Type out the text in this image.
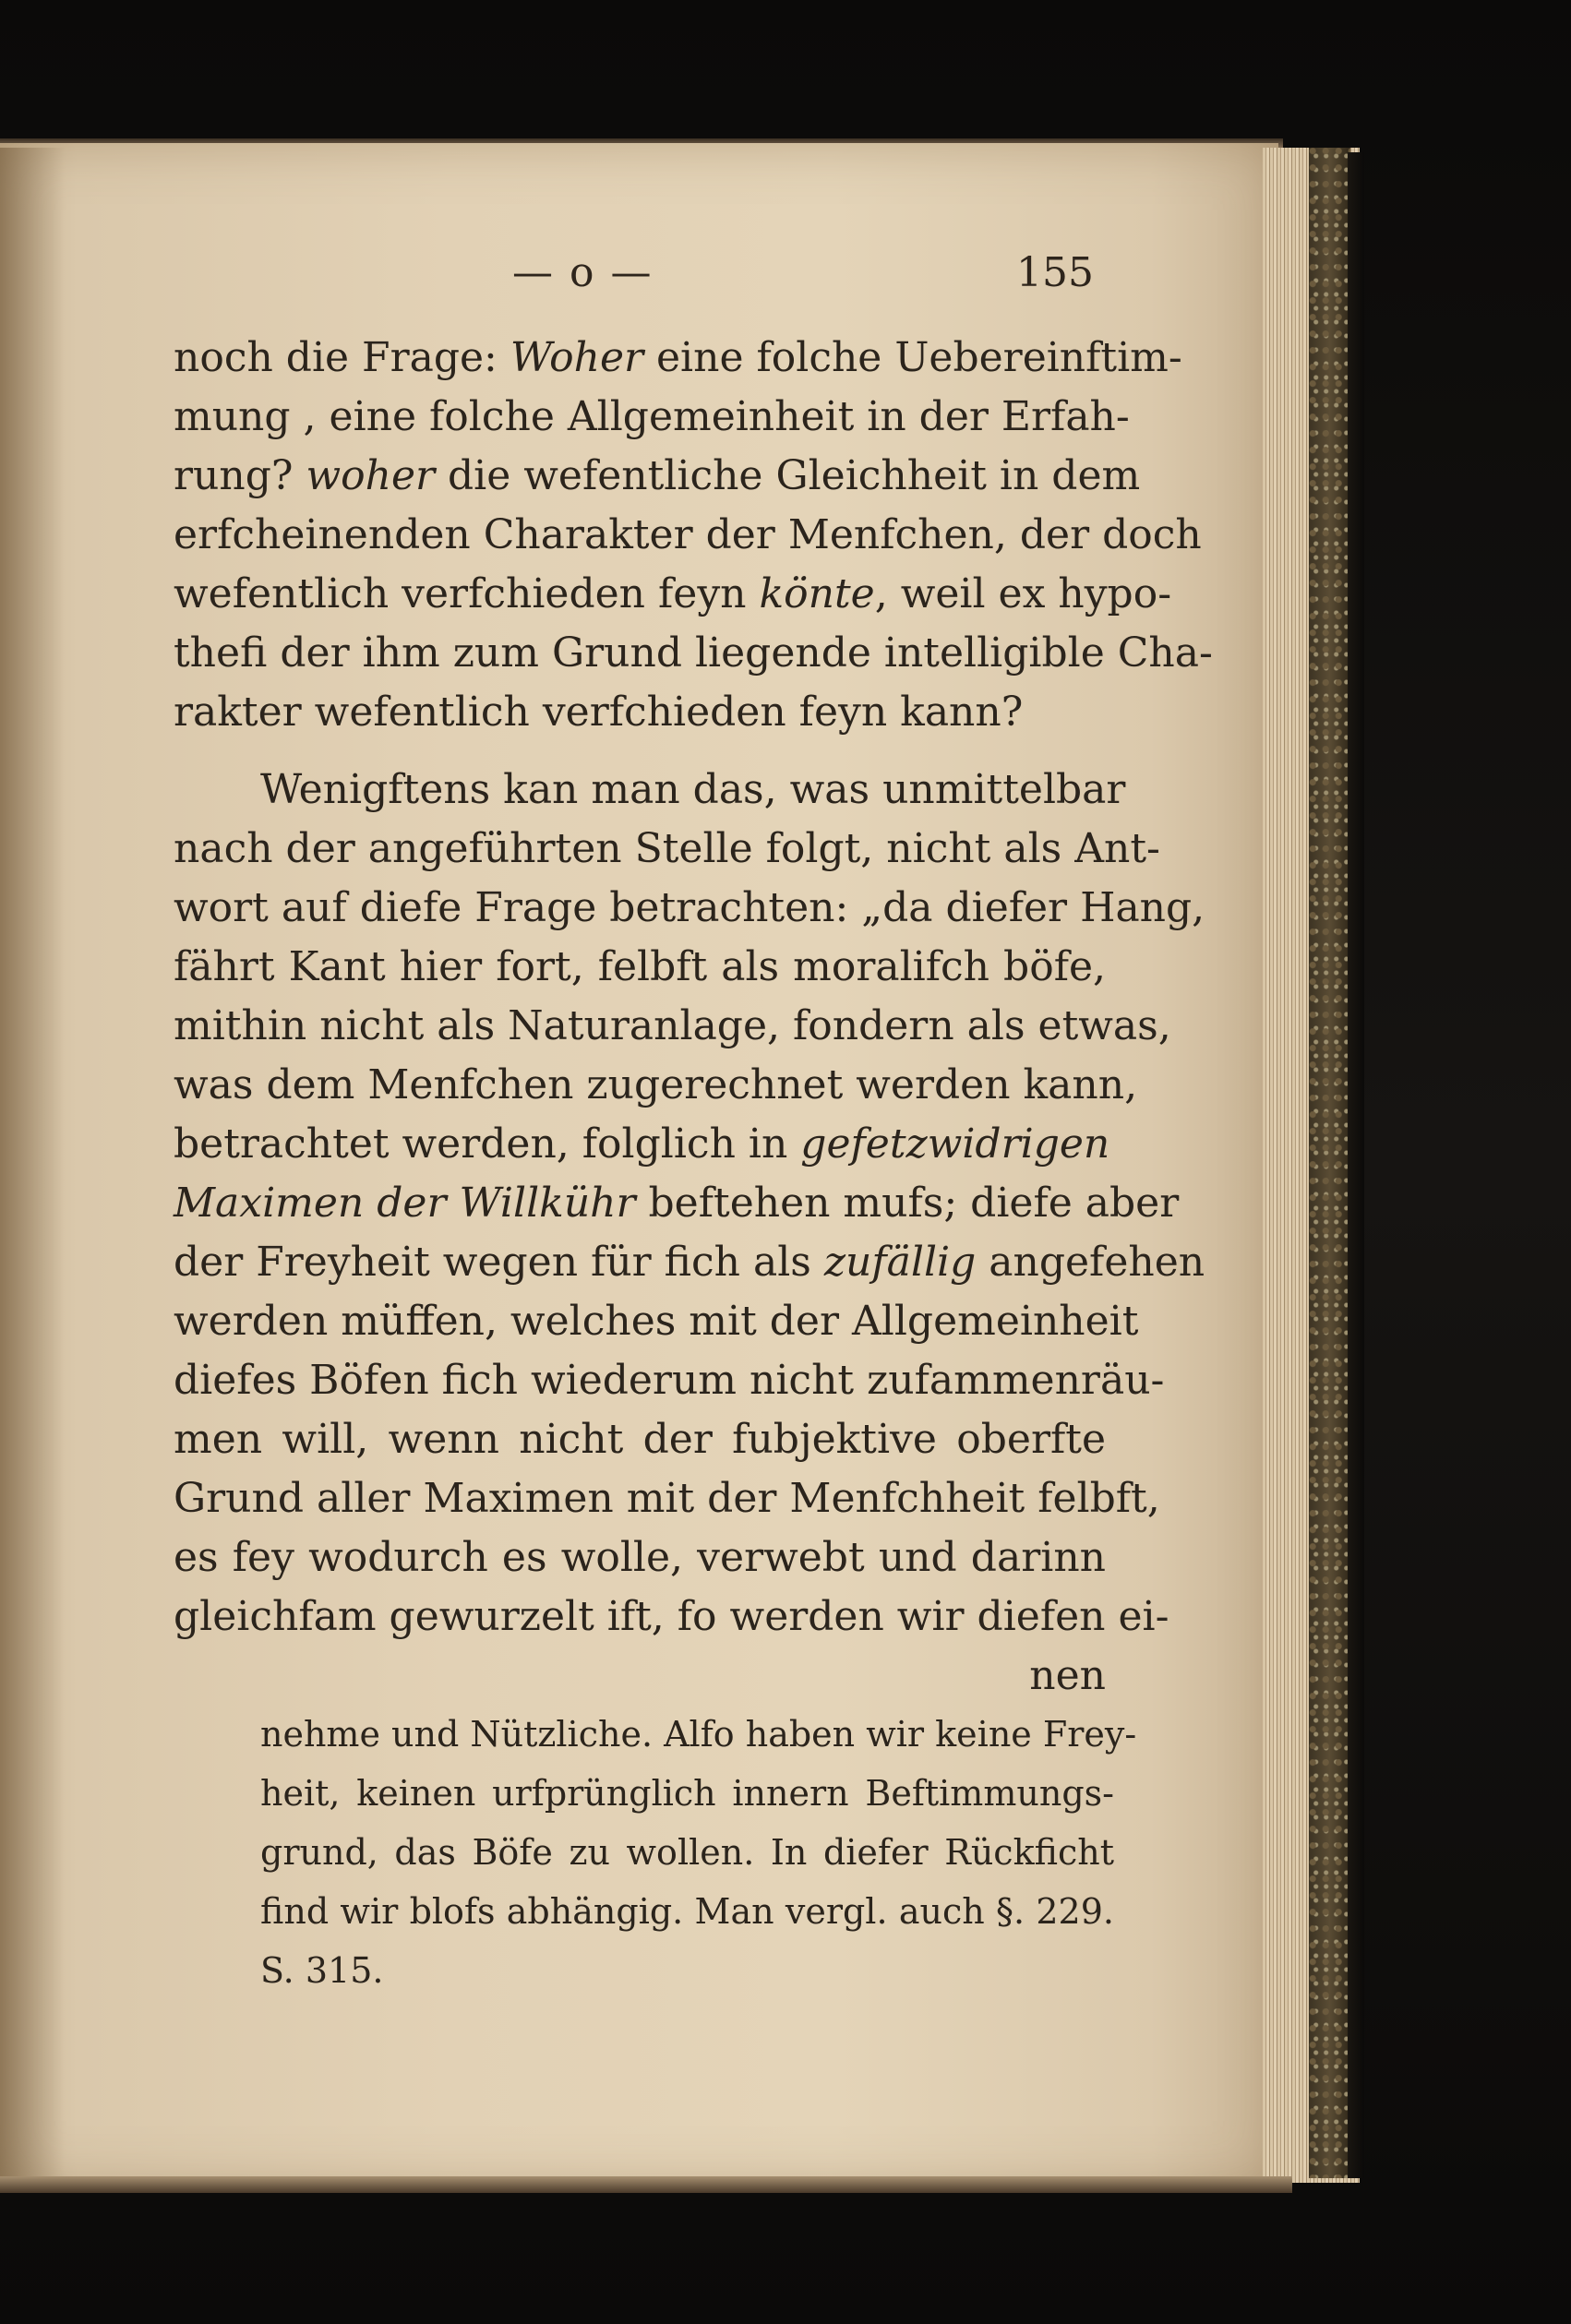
— o —	155
noch die Frage: Woher eine folche Uebereinftim-
mung , eine folche Allgemeinheit in der Erfah-
rung? woher die wefentliche Gleichheit in dem
erfcheinenden Charakter der Menfchen, der doch
wefentlich verfchieden feyn könte, weil ex hypo-
thefi der ihm zum Grund liegende intelligible Cha-
rakter wefentlich verfchieden feyn kann?
Wenigftens kan man das, was unmittelbar
nach der angeführten Stelle folgt, nicht als Ant-
wort auf diefe Frage betrachten: „da diefer Hang,
fährt Kant hier fort, felbft als moralifch böfe,
mithin nicht als Naturanlage, fondern als etwas,
was dem Menfchen zugerechnet werden kann,
betrachtet werden, folglich in gefetzwidrigen
Maximen der Willkühr beftehen mufs; diefe aber
der Freyheit wegen für fich als zufällig angefehen
werden müffen, welches mit der Allgemeinheit
diefes Böfen fich wiederum nicht zufammenräu-
men will, wenn nicht der fubjektive oberfte
Grund aller Maximen mit der Menfchheit felbft,
es fey wodurch es wolle, verwebt und darinn
gleichfam gewurzelt ift, fo werden wir diefen ei-
nen
nehme und Nützliche. Alfo haben wir keine Frey-
heit, keinen urfprünglich innern Beftimmungs-
grund, das Böfe zu wollen. In diefer Rückficht
find wir blofs abhängig. Man vergl. auch §. 229.
S. 315.
